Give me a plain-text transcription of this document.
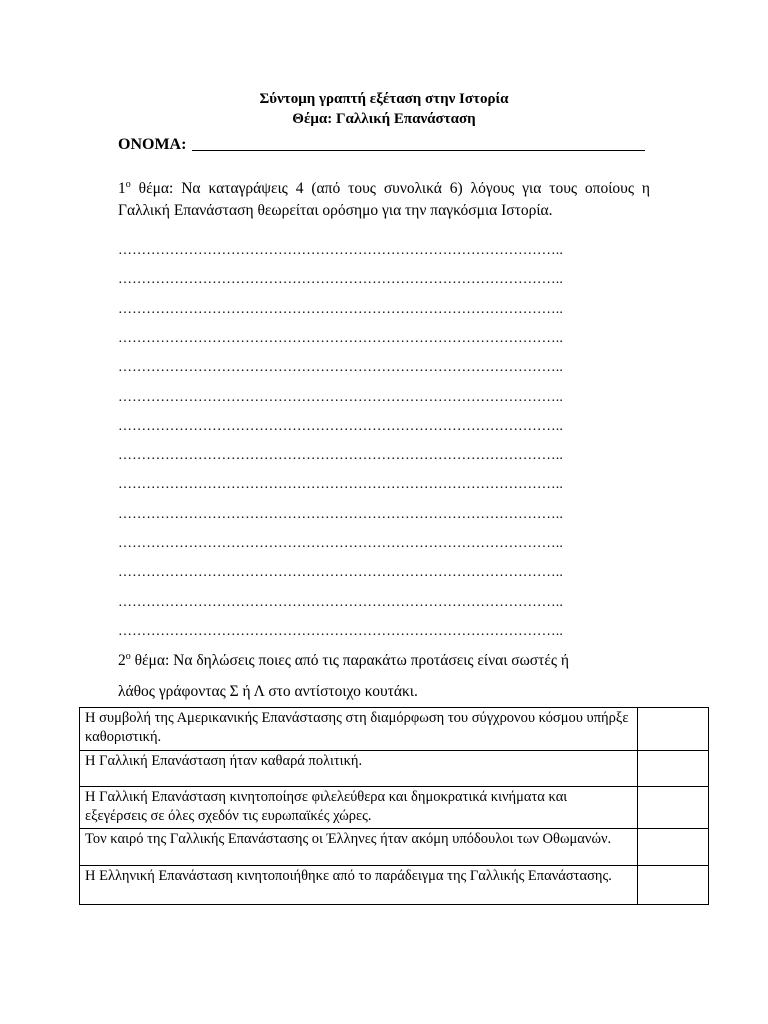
Σύντομη γραπτή εξέταση στην Ιστορία
Θέμα: Γαλλική Επανάσταση
ΟΝΟΜΑ:
$1^o$ θέμα: Να καταγράψεις 4 (από τους συνολικά 6) λόγους για τους οποίους η Γαλλική Επανάσταση θεωρείται ορόσημο για την παγκόσμια Ιστορία.
…………………………………………………………………………………..
…………………………………………………………………………………..
…………………………………………………………………………………..
…………………………………………………………………………………..
…………………………………………………………………………………..
…………………………………………………………………………………..
…………………………………………………………………………………..
…………………………………………………………………………………..
…………………………………………………………………………………..
…………………………………………………………………………………..
…………………………………………………………………………………..
…………………………………………………………………………………..
…………………………………………………………………………………..
…………………………………………………………………………………..
$2^o$ θέμα: Να δηλώσεις ποιες από τις παρακάτω προτάσεις είναι σωστές ή
λάθος γράφοντας Σ ή Λ στο αντίστοιχο κουτάκι.
Η συμβολή της Αμερικανικής Επανάστασης στη διαμόρφωση του σύγχρονου κόσμου υπήρξε καθοριστική.	
Η Γαλλική Επανάσταση ήταν καθαρά πολιτική.	
Η Γαλλική Επανάσταση κινητοποίησε φιλελεύθερα και δημοκρατικά κινήματα και εξεγέρσεις σε όλες σχεδόν τις ευρωπαϊκές χώρες.	
Τον καιρό της Γαλλικής Επανάστασης οι Έλληνες ήταν ακόμη υπόδουλοι των Οθωμανών.	
Η Ελληνική Επανάσταση κινητοποιήθηκε από το παράδειγμα της Γαλλικής Επανάστασης.	
